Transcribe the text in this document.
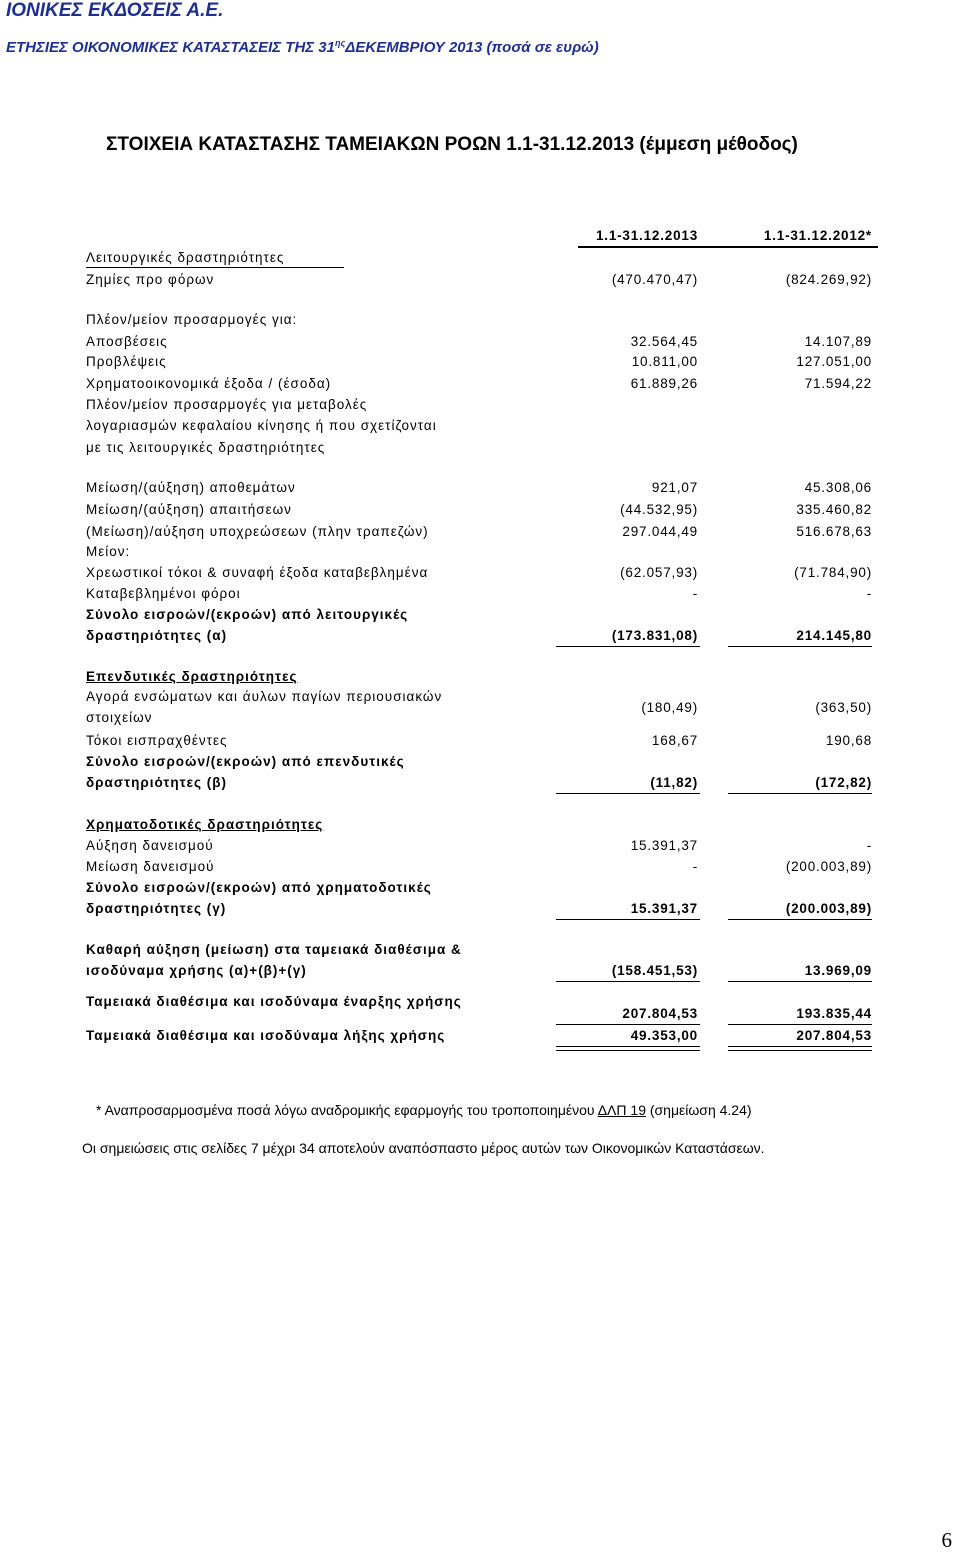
ΙΟΝΙΚΕΣ ΕΚΔΟΣΕΙΣ Α.Ε.
ΕΤΗΣΙΕΣ ΟΙΚΟΝΟΜΙΚΕΣ ΚΑΤΑΣΤΑΣΕΙΣ ΤΗΣ $31^{\eta\varsigma}\Delta EKEMBPIO\Upsilon$ 2013 (ποσά σε ευρώ)
ΣΤΟΙΧΕΙΑ ΚΑΤΑΣΤΑΣΗΣ ΤΑΜΕΙΑΚΩΝ ΡΟΩΝ 1.1-31.12.2013 (έμμεση μέθοδος)
1.1-31.12.2013	1.1-31.12.2012*
Λειτουργικές δραστηριότητες
Ζημίες προ φόρων	(470.470,47)	(824.269,92)
Πλέον/μείον προσαρμογές για:
Αποσβέσεις	32.564,45	14.107,89
Προβλέψεις	10.811,00	127.051,00
Χρηματοοικονομικά έξοδα / (έσοδα)	61.889,26	71.594,22
Πλέον/μείον προσαρμογές για μεταβολές
λογαριασμών κεφαλαίου κίνησης ή που σχετίζονται
με τις λειτουργικές δραστηριότητες
Μείωση/(αύξηση) αποθεμάτων	921,07	45.308,06
Μείωση/(αύξηση) απαιτήσεων	(44.532,95)	335.460,82
(Μείωση)/αύξηση υποχρεώσεων (πλην τραπεζών)	297.044,49	516.678,63
Μείον:
Χρεωστικοί τόκοι & συναφή έξοδα καταβεβλημένα	(62.057,93)	(71.784,90)
Καταβεβλημένοι φόροι	-	-
Σύνολο εισροών/(εκροών) από λειτουργικές
δραστηριότητες (α)	(173.831,08)	214.145,80
Επενδυτικές δραστηριότητες
Αγορά ενσώματων και άυλων παγίων περιουσιακών
στοιχείων
(180,49)	(363,50)
Τόκοι εισπραχθέντες	168,67	190,68
Σύνολο εισροών/(εκροών) από επενδυτικές
δραστηριότητες (β)	(11,82)	(172,82)
Χρηματοδοτικές δραστηριότητες
Αύξηση δανεισμού	15.391,37	-
Μείωση δανεισμού	-	(200.003,89)
Σύνολο εισροών/(εκροών) από χρηματοδοτικές
δραστηριότητες (γ)	15.391,37	(200.003,89)
Καθαρή αύξηση (μείωση) στα ταμειακά διαθέσιμα &
ισοδύναμα χρήσης (α)+(β)+(γ)	(158.451,53)	13.969,09
Ταμειακά διαθέσιμα και ισοδύναμα έναρξης χρήσης
207.804,53	193.835,44
Ταμειακά διαθέσιμα και ισοδύναμα λήξης χρήσης	49.353,00	207.804,53
* Αναπροσαρμοσμένα ποσά λόγω αναδρομικής εφαρμογής του τροποποιημένου ΔΛΠ 19 (σημείωση 4.24)
Οι σημειώσεις στις σελίδες 7 μέχρι 34 αποτελούν αναπόσπαστο μέρος αυτών των Οικονομικών Καταστάσεων.
6
